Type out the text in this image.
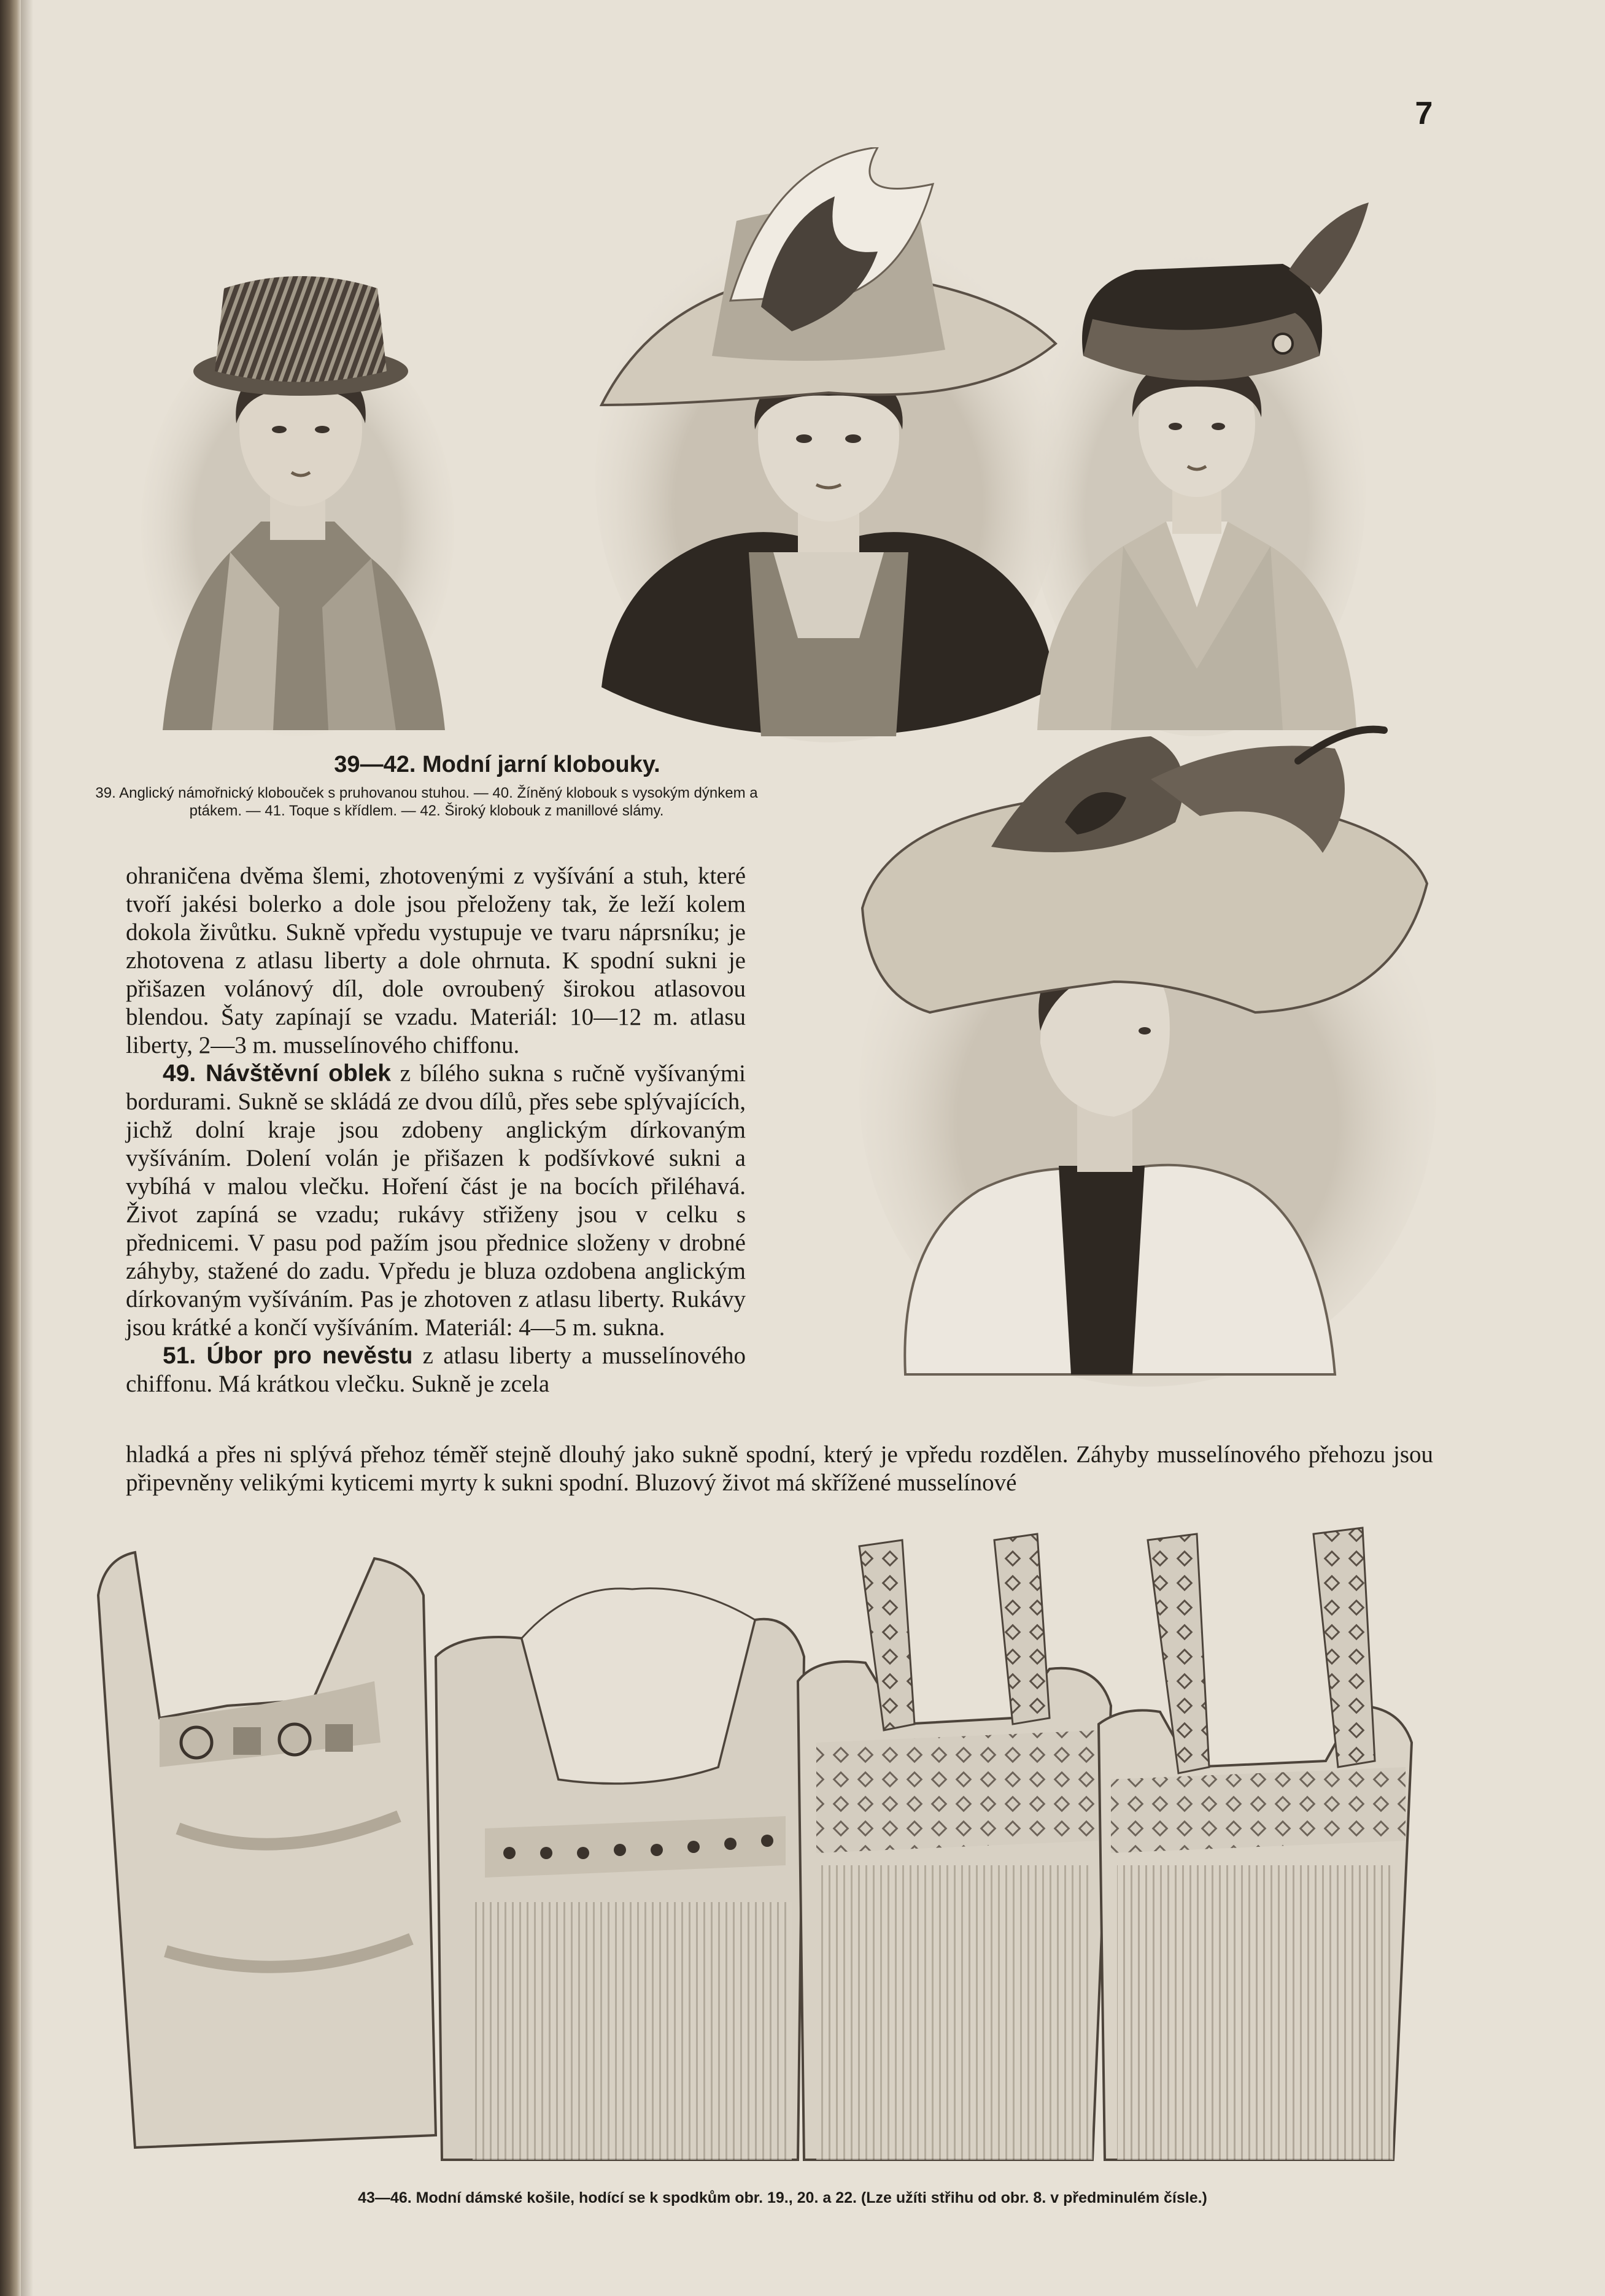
7
39—42. Modní jarní klobouky.
39. Anglický námořnický klobouček s pruhovanou stuhou. — 40. Žíněný klobouk s vysokým dýnkem a ptákem. — 41. Toque s křídlem. — 42. Široký klobouk z manillové slámy.

ohraničena dvěma šlemi, zhotovenými z vyšívání a stuh, které tvoří jakési bolerko a dole jsou přeloženy tak, že leží kolem dokola živůtku. Sukně vpředu vystupuje ve tvaru náprsníku; je zhotovena z atlasu liberty a dole ohrnuta. K spodní sukni je přišazen volánový díl, dole ovroubený širokou atlasovou blendou. Šaty zapínají se vzadu. Materiál: 10—12 m. atlasu liberty, 2—3 m. musselínového chiffonu.

49. Návštěvní oblek z bílého sukna s ručně vyšívanými bordurami. Sukně se skládá ze dvou dílů, přes sebe splývajících, jichž dolní kraje jsou zdobeny anglickým dírkovaným vyšíváním. Dolení volán je přišazen k podšívkové sukni a vybíhá v malou vlečku. Hoření část je na bocích přiléhavá. Život zapíná se vzadu; rukávy střiženy jsou v celku s přednicemi. V pasu pod pažím jsou přednice složeny v drobné záhyby, stažené do zadu. Vpředu je bluza ozdobena anglickým dírkovaným vyšíváním. Pas je zhotoven z atlasu liberty. Rukávy jsou krátké a končí vyšíváním. Materiál: 4—5 m. sukna.

51. Úbor pro nevěstu z atlasu liberty a musselínového chiffonu. Má krátkou vlečku. Sukně je zcela

hladká a přes ni splývá přehoz téměř stejně dlouhý jako sukně spodní, který je vpředu rozdělen. Záhyby musselínového přehozu jsou připevněny velikými kyticemi myrty k sukni spodní. Bluzový život má skřížené musselínové
43—46. Modní dámské košile, hodící se k spodkům obr. 19., 20. a 22. (Lze užíti střihu od obr. 8. v předminulém čísle.)
